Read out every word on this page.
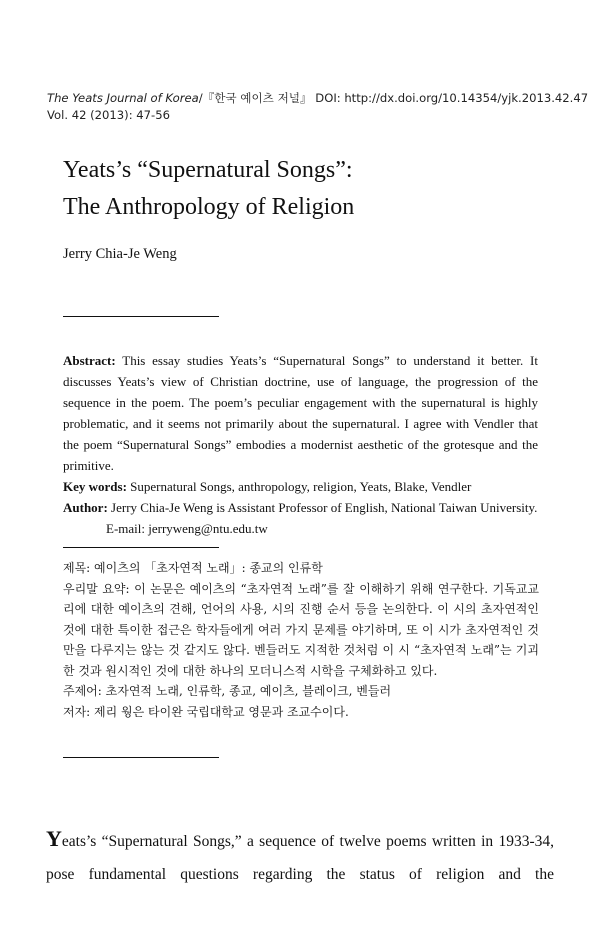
The Yeats Journal of Korea/『한국 예이츠 저널』 DOI: http://dx.doi.org/10.14354/yjk.2013.42.47
Vol. 42 (2013): 47-56
Yeats’s “Supernatural Songs”:
The Anthropology of Religion
Jerry Chia-Je Weng

Abstract: This essay studies Yeats’s “Supernatural Songs” to understand it better. It discusses Yeats’s view of Christian doctrine, use of language, the progression of the sequence in the poem. The poem’s peculiar engagement with the supernatural is highly problematic, and it seems not primarily about the supernatural. I agree with Vendler that the poem “Supernatural Songs” embodies a modernist aesthetic of the grotesque and the primitive.

Key words: Supernatural Songs, anthropology, religion, Yeats, Blake, Vendler

Author: Jerry Chia-Je Weng is Assistant Professor of English, National Taiwan University.

E-mail: jerryweng@ntu.edu.tw

제목: 예이츠의 「초자연적 노래」: 종교의 인류학

우리말 요약: 이 논문은 예이츠의 “초자연적 노래”를 잘 이해하기 위해 연구한다. 기독교교리에 대한 예이츠의 견해, 언어의 사용, 시의 진행 순서 등을 논의한다. 이 시의 초자연적인 것에 대한 특이한 접근은 학자들에게 여러 가지 문제를 야기하며, 또 이 시가 초자연적인 것만을 다루지는 않는 것 같지도 않다. 벤들러도 지적한 것처럼 이 시 “초자연적 노래”는 기괴한 것과 원시적인 것에 대한 하나의 모더니스적 시학을 구체화하고 있다.

주제어: 초자연적 노래, 인류학, 종교, 예이츠, 블레이크, 벤들러

저자: 제리 웡은 타이완 국립대학교 영문과 조교수이다.

Yeats’s “Supernatural Songs,” a sequence of twelve poems written in 1933-34, pose fundamental questions regarding the status of religion and the
